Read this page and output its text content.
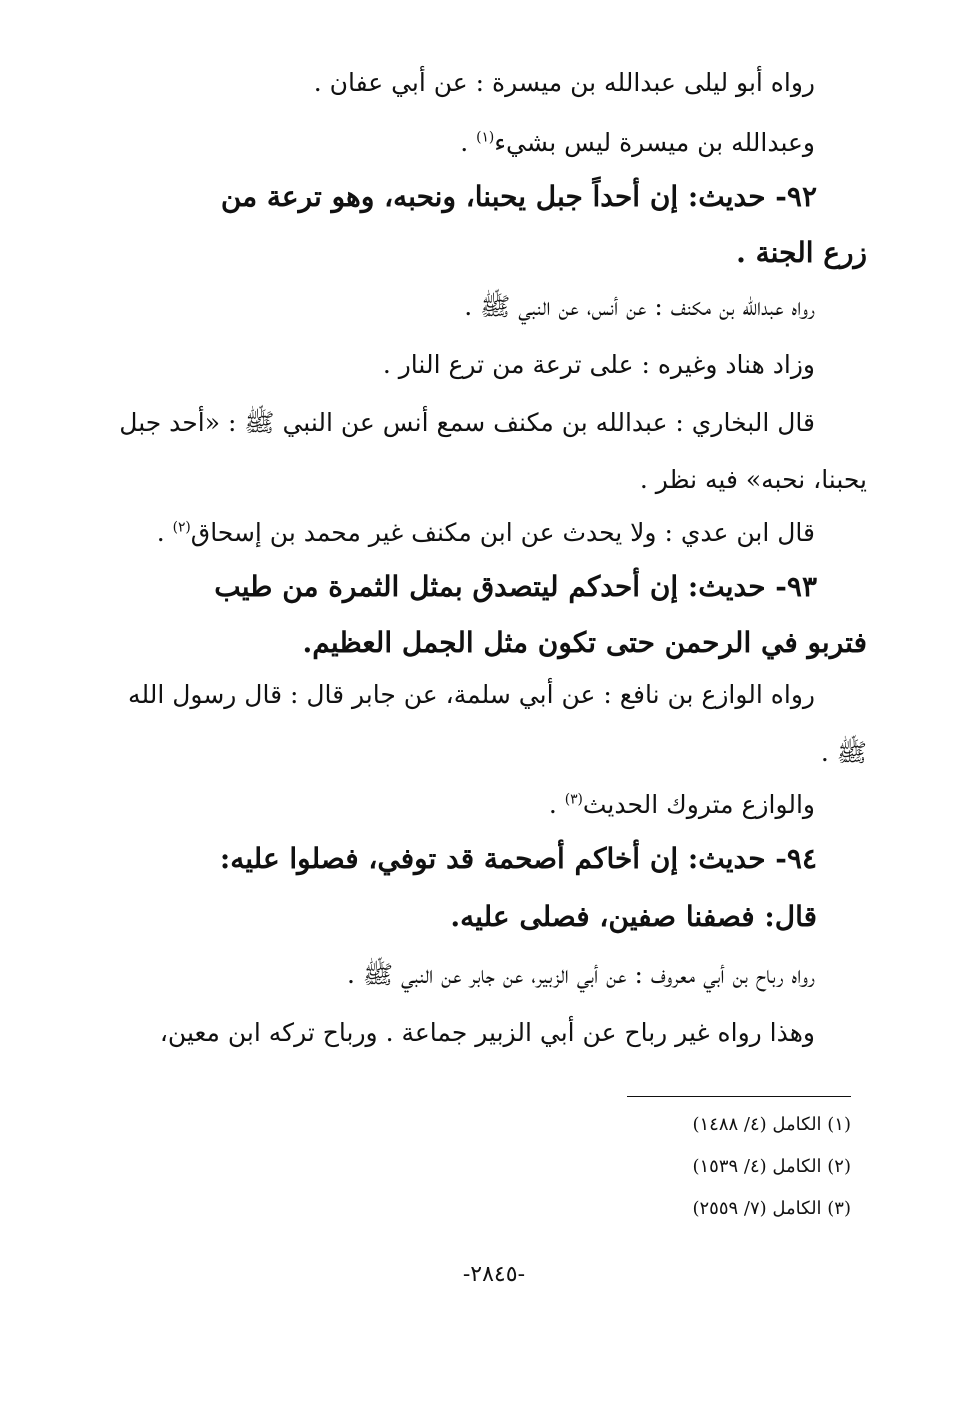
رواه أبو ليلى عبدالله بن ميسرة : عن أبي عفان .
وعبدالله بن ميسرة ليس بشيء$^{(١)}$ .
٩٢- حديث: إن أحداً جبل يحبنا، ونحبه، وهو ترعة من
زرع الجنة .
رواه عبدالله بن مكنف : عن أنس، عن النبي ﷺ .
وزاد هناد وغيره : على ترعة من ترع النار .
قال البخاري : عبدالله بن مكنف سمع أنس عن النبي ﷺ : «أحد جبل
يحبنا، نحبه» فيه نظر .
قال ابن عدي : ولا يحدث عن ابن مكنف غير محمد بن إسحاق$^{(٢)}$ .
٩٣- حديث: إن أحدكم ليتصدق بمثل الثمرة من طيب
فتربو في الرحمن حتى تكون مثل الجمل العظيم.
رواه الوازع بن نافع : عن أبي سلمة، عن جابر قال : قال رسول الله
ﷺ .
والوازع متروك الحديث$^{(٣)}$ .
٩٤- حديث: إن أخاكم أصحمة قد توفي، فصلوا عليه:
قال: فصفنا صفين، فصلى عليه.
رواه رباح بن أبي معروف : عن أبي الزبير، عن جابر عن النبي ﷺ .
وهذا رواه غير رباح عن أبي الزبير جماعة . ورباح تركه ابن معين،
(١) الكامل (٤/ ١٤٨٨)
(٢) الكامل (٤/ ١٥٣٩)
(٣) الكامل (٧/ ٢٥٥٩)
-٢٨٤٥-
